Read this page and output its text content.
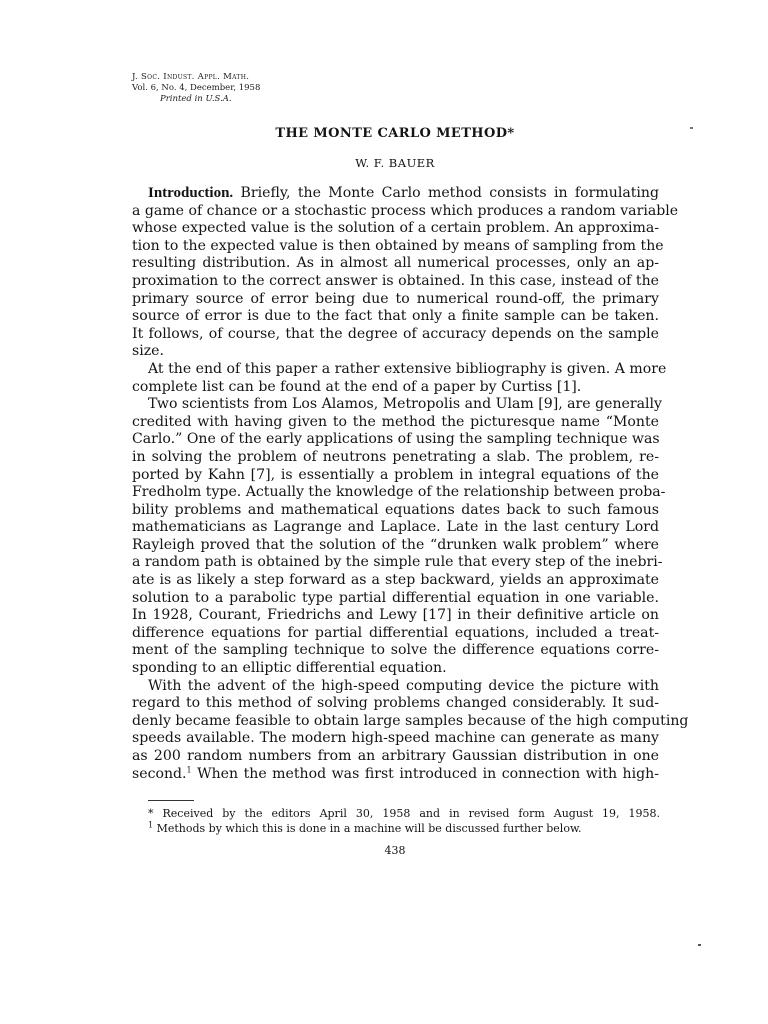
J. Soc. Indust. Appl. Math.
Vol. 6, No. 4, December, 1958
Printed in U.S.A.
THE MONTE CARLO METHOD*
W. F. BAUER
Introduction. Briefly, the Monte Carlo method consists in formulating
a game of chance or a stochastic process which produces a random variable
whose expected value is the solution of a certain problem. An approxima-
tion to the expected value is then obtained by means of sampling from the
resulting distribution. As in almost all numerical processes, only an ap-
proximation to the correct answer is obtained. In this case, instead of the
primary source of error being due to numerical round-off, the primary
source of error is due to the fact that only a finite sample can be taken.
It follows, of course, that the degree of accuracy depends on the sample
size.
At the end of this paper a rather extensive bibliography is given. A more
complete list can be found at the end of a paper by Curtiss [1].
Two scientists from Los Alamos, Metropolis and Ulam [9], are generally
credited with having given to the method the picturesque name “Monte
Carlo.” One of the early applications of using the sampling technique was
in solving the problem of neutrons penetrating a slab. The problem, re-
ported by Kahn [7], is essentially a problem in integral equations of the
Fredholm type. Actually the knowledge of the relationship between proba-
bility problems and mathematical equations dates back to such famous
mathematicians as Lagrange and Laplace. Late in the last century Lord
Rayleigh proved that the solution of the “drunken walk problem” where
a random path is obtained by the simple rule that every step of the inebri-
ate is as likely a step forward as a step backward, yields an approximate
solution to a parabolic type partial differential equation in one variable.
In 1928, Courant, Friedrichs and Lewy [17] in their definitive article on
difference equations for partial differential equations, included a treat-
ment of the sampling technique to solve the difference equations corre-
sponding to an elliptic differential equation.
With the advent of the high-speed computing device the picture with
regard to this method of solving problems changed considerably. It sud-
denly became feasible to obtain large samples because of the high computing
speeds available. The modern high-speed machine can generate as many
as 200 random numbers from an arbitrary Gaussian distribution in one
second.$^1$ When the method was first introduced in connection with high-
* Received by the editors April 30, 1958 and in revised form August 19, 1958.
$^1$ Methods by which this is done in a machine will be discussed further below.
438
